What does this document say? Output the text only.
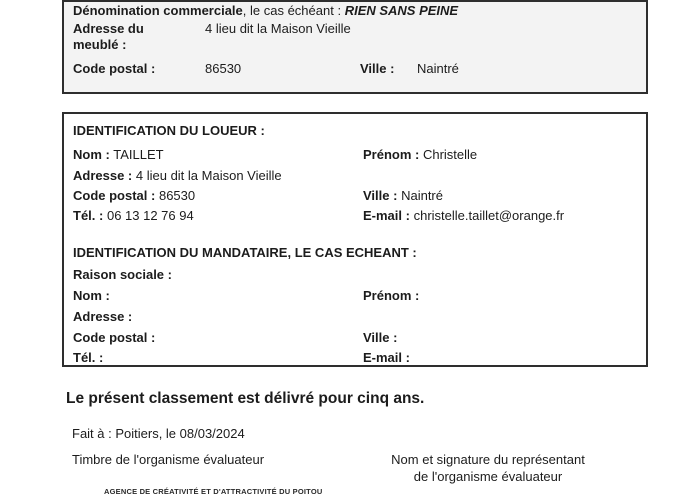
Dénomination commerciale, le cas échéant : RIEN SANS PEINE
Adresse du meublé :
4 lieu dit la Maison Vieille
Code postal :	86530	Ville : Naintré
IDENTIFICATION DU LOUEUR :
Nom : TAILLET	Prénom : Christelle
Adresse : 4 lieu dit la Maison Vieille
Code postal : 86530	Ville : Naintré
Tél. : 06 13 12 76 94	E-mail : christelle.taillet@orange.fr
IDENTIFICATION DU MANDATAIRE, LE CAS ECHEANT :
Raison sociale :
Nom :	Prénom :
Adresse :
Code postal :	Ville :
Tél. :	E-mail :
Le présent classement est délivré pour cinq ans.
Fait à : Poitiers, le 08/03/2024
Timbre de l'organisme évaluateur	Nom et signature du représentant
de l'organisme évaluateur
AGENCE DE CRÉATIVITÉ ET D'ATTRACTIVITÉ DU POITOU
